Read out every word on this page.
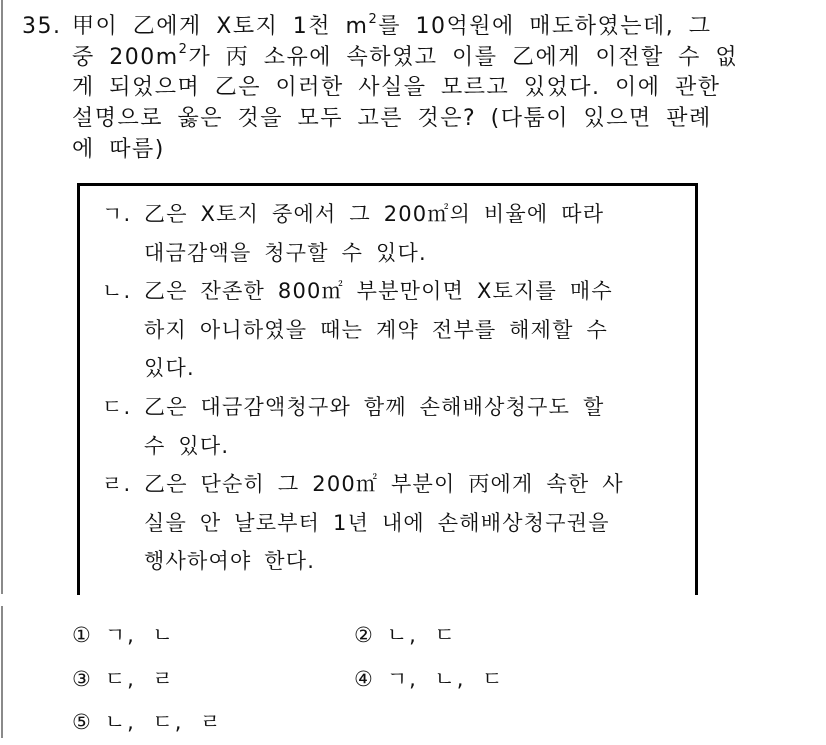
35. 甲이 乙에게 X토지 1천 $m^2$를 10억원에 매도하였는데, 그
중 $200m^2$가 丙 소유에 속하였고 이를 乙에게 이전할 수 없
게 되었으며 乙은 이러한 사실을 모르고 있었다. 이에 관한
설명으로 옳은 것을 모두 고른 것은? (다툼이 있으면 판례
에 따름)
ㄱ. 乙은 X토지 중에서 그 200㎡의 비율에 따라
대금감액을 청구할 수 있다.
ㄴ. 乙은 잔존한 800㎡ 부분만이면 X토지를 매수
하지 아니하였을 때는 계약 전부를 해제할 수
있다.
ㄷ. 乙은 대금감액청구와 함께 손해배상청구도 할
수 있다.
ㄹ. 乙은 단순히 그 200㎡ 부분이 丙에게 속한 사
실을 안 날로부터 1년 내에 손해배상청구권을
행사하여야 한다.
① ㄱ, ㄴ	② ㄴ, ㄷ
③ ㄷ, ㄹ	④ ㄱ, ㄴ, ㄷ
⑤ ㄴ, ㄷ, ㄹ
